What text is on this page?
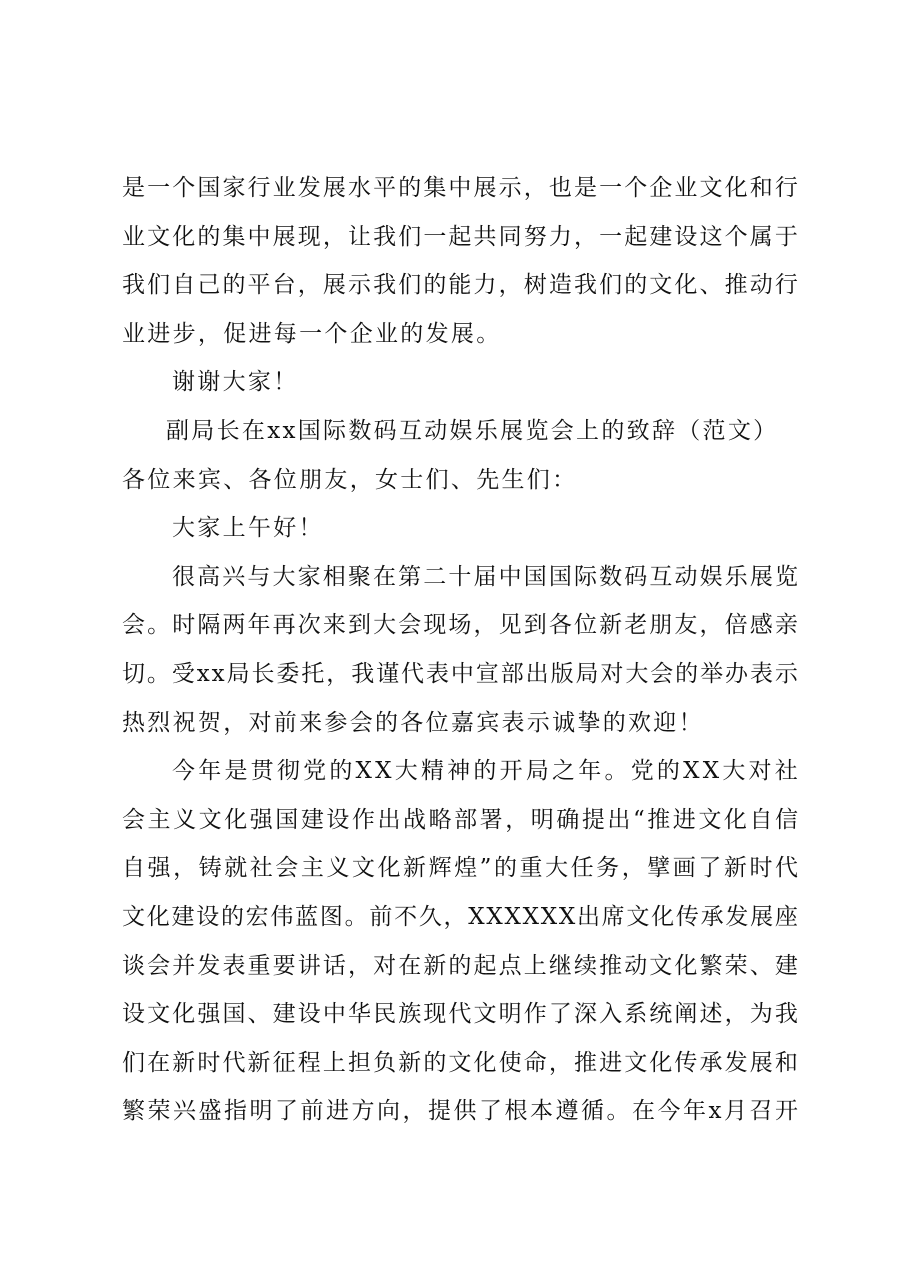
是 一 个 国 家 行 业 发 展 水 平 的 集 中 展 示 ， 也 是 一 个 企 业 文 化 和 行
业 文 化 的 集 中 展 现 ， 让 我 们 一 起 共 同 努 力 ， 一 起 建 设 这 个 属 于
我 们 自 己 的 平 台 ， 展 示 我 们 的 能 力 ， 树 造 我 们 的 文 化 、 推 动 行
业进步，促进每一个企业的发展。
谢谢大家！
副局长在xx国际数码互动娱乐展览会上的致辞（范文）
各位来宾、各位朋友，女士们、先生们：
大家上午好！
很 高 兴 与 大 家 相 聚 在 第 二 十 届 中 国 国 际 数 码 互 动 娱 乐 展 览
会 。 时 隔 两 年 再 次 来 到 大 会 现 场 ， 见 到 各 位 新 老 朋 友 ， 倍 感 亲
切 。 受 x x 局 长 委 托 ， 我 谨 代 表 中 宣 部 出 版 局 对 大 会 的 举 办 表 示
热烈祝贺，对前来参会的各位嘉宾表示诚挚的欢迎！
今 年 是 贯 彻 党 的 X X 大 精 神 的 开 局 之 年 。 党 的 X X 大 对 社
会 主 义 文 化 强 国 建 设 作 出 战 略 部 署 ， 明 确 提 出 “ 推 进 文 化 自 信
自 强 ， 铸 就 社 会 主 义 文 化 新 辉 煌 ” 的 重 大 任 务 ， 擘 画 了 新 时 代
文 化 建 设 的 宏 伟 蓝 图 。 前 不 久 ， X X X X X X 出 席 文 化 传 承 发 展 座
谈 会 并 发 表 重 要 讲 话 ， 对 在 新 的 起 点 上 继 续 推 动 文 化 繁 荣 、 建
设 文 化 强 国 、 建 设 中 华 民 族 现 代 文 明 作 了 深 入 系 统 阐 述 ， 为 我
们 在 新 时 代 新 征 程 上 担 负 新 的 文 化 使 命 ， 推 进 文 化 传 承 发 展 和
繁 荣 兴 盛 指 明 了 前 进 方 向 ， 提 供 了 根 本 遵 循 。 在 今 年 x 月 召 开
